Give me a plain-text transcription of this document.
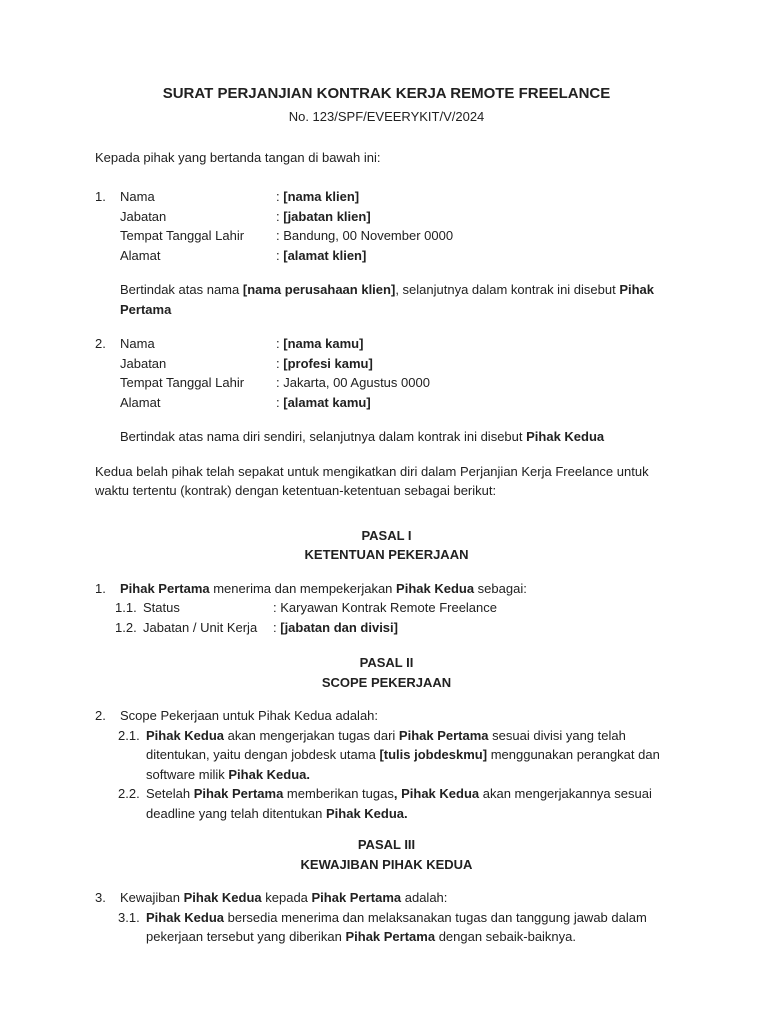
SURAT PERJANJIAN KONTRAK KERJA REMOTE FREELANCE
No. 123/SPF/EVEERYKIT/V/2024

Kepada pihak yang bertanda tangan di bawah ini:

1.	Nama	: [nama klien]
Jabatan	: [jabatan klien]
Tempat Tanggal Lahir	: Bandung, 00 November 0000
Alamat	: [alamat klien]

Bertindak atas nama [nama perusahaan klien], selanjutnya dalam kontrak ini disebut Pihak Pertama

2.	Nama	: [nama kamu]
Jabatan	: [profesi kamu]
Tempat Tanggal Lahir	: Jakarta, 00 Agustus 0000
Alamat	: [alamat kamu]

Bertindak atas nama diri sendiri, selanjutnya dalam kontrak ini disebut Pihak Kedua

Kedua belah pihak telah sepakat untuk mengikatkan diri dalam Perjanjian Kerja Freelance untuk waktu tertentu (kontrak) dengan ketentuan-ketentuan sebagai berikut:

PASAL I
KETENTUAN PEKERJAAN
1.	Pihak Pertama menerima dan mempekerjakan Pihak Kedua sebagai:
1.1. Status	: Karyawan Kontrak Remote Freelance
1.2. Jabatan / Unit Kerja	: [jabatan dan divisi]
PASAL II
SCOPE PEKERJAAN
2.	Scope Pekerjaan untuk Pihak Kedua adalah:
2.1. Pihak Kedua akan mengerjakan tugas dari Pihak Pertama sesuai divisi yang telah ditentukan, yaitu dengan jobdesk utama [tulis jobdeskmu] menggunakan perangkat dan software milik Pihak Kedua.
2.2. Setelah Pihak Pertama memberikan tugas, Pihak Kedua akan mengerjakannya sesuai deadline yang telah ditentukan Pihak Kedua.
PASAL III
KEWAJIBAN PIHAK KEDUA
3.	Kewajiban Pihak Kedua kepada Pihak Pertama adalah:
3.1. Pihak Kedua bersedia menerima dan melaksanakan tugas dan tanggung jawab dalam pekerjaan tersebut yang diberikan Pihak Pertama dengan sebaik-baiknya.
